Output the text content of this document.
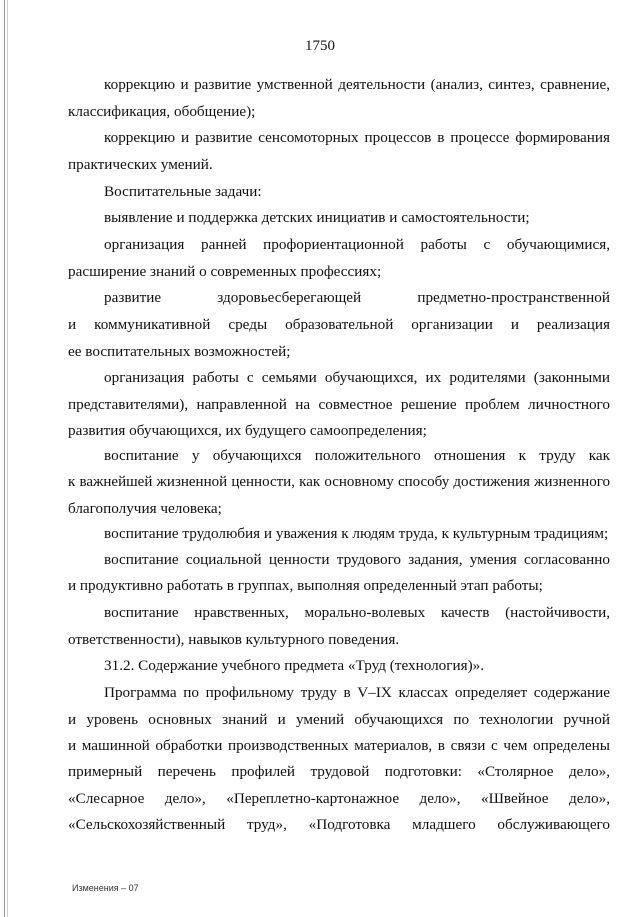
1750
коррекцию и развитие умственной деятельности (анализ, синтез, сравнение,
классификация, обобщение);
коррекцию и развитие сенсомоторных процессов в процессе формирования
практических умений.
Воспитательные задачи:
выявление и поддержка детских инициатив и самостоятельности;
организация ранней профориентационной работы с обучающимися,
расширение знаний о современных профессиях;
развитие здоровьесберегающей предметно-пространственной
и коммуникативной среды образовательной организации и реализация
ее воспитательных возможностей;
организация работы с семьями обучающихся, их родителями (законными
представителями), направленной на совместное решение проблем личностного
развития обучающихся, их будущего самоопределения;
воспитание у обучающихся положительного отношения к труду как
к важнейшей жизненной ценности, как основному способу достижения жизненного
благополучия человека;
воспитание трудолюбия и уважения к людям труда, к культурным традициям;
воспитание социальной ценности трудового задания, умения согласованно
и продуктивно работать в группах, выполняя определенный этап работы;
воспитание нравственных, морально-волевых качеств (настойчивости,
ответственности), навыков культурного поведения.
31.2. Содержание учебного предмета «Труд (технология)».
Программа по профильному труду в V–IX классах определяет содержание
и уровень основных знаний и умений обучающихся по технологии ручной
и машинной обработки производственных материалов, в связи с чем определены
примерный перечень профилей трудовой подготовки: «Столярное дело»,
«Слесарное дело», «Переплетно-картонажное дело», «Швейное дело»,
«Сельскохозяйственный труд», «Подготовка младшего обслуживающего
Изменения – 07
